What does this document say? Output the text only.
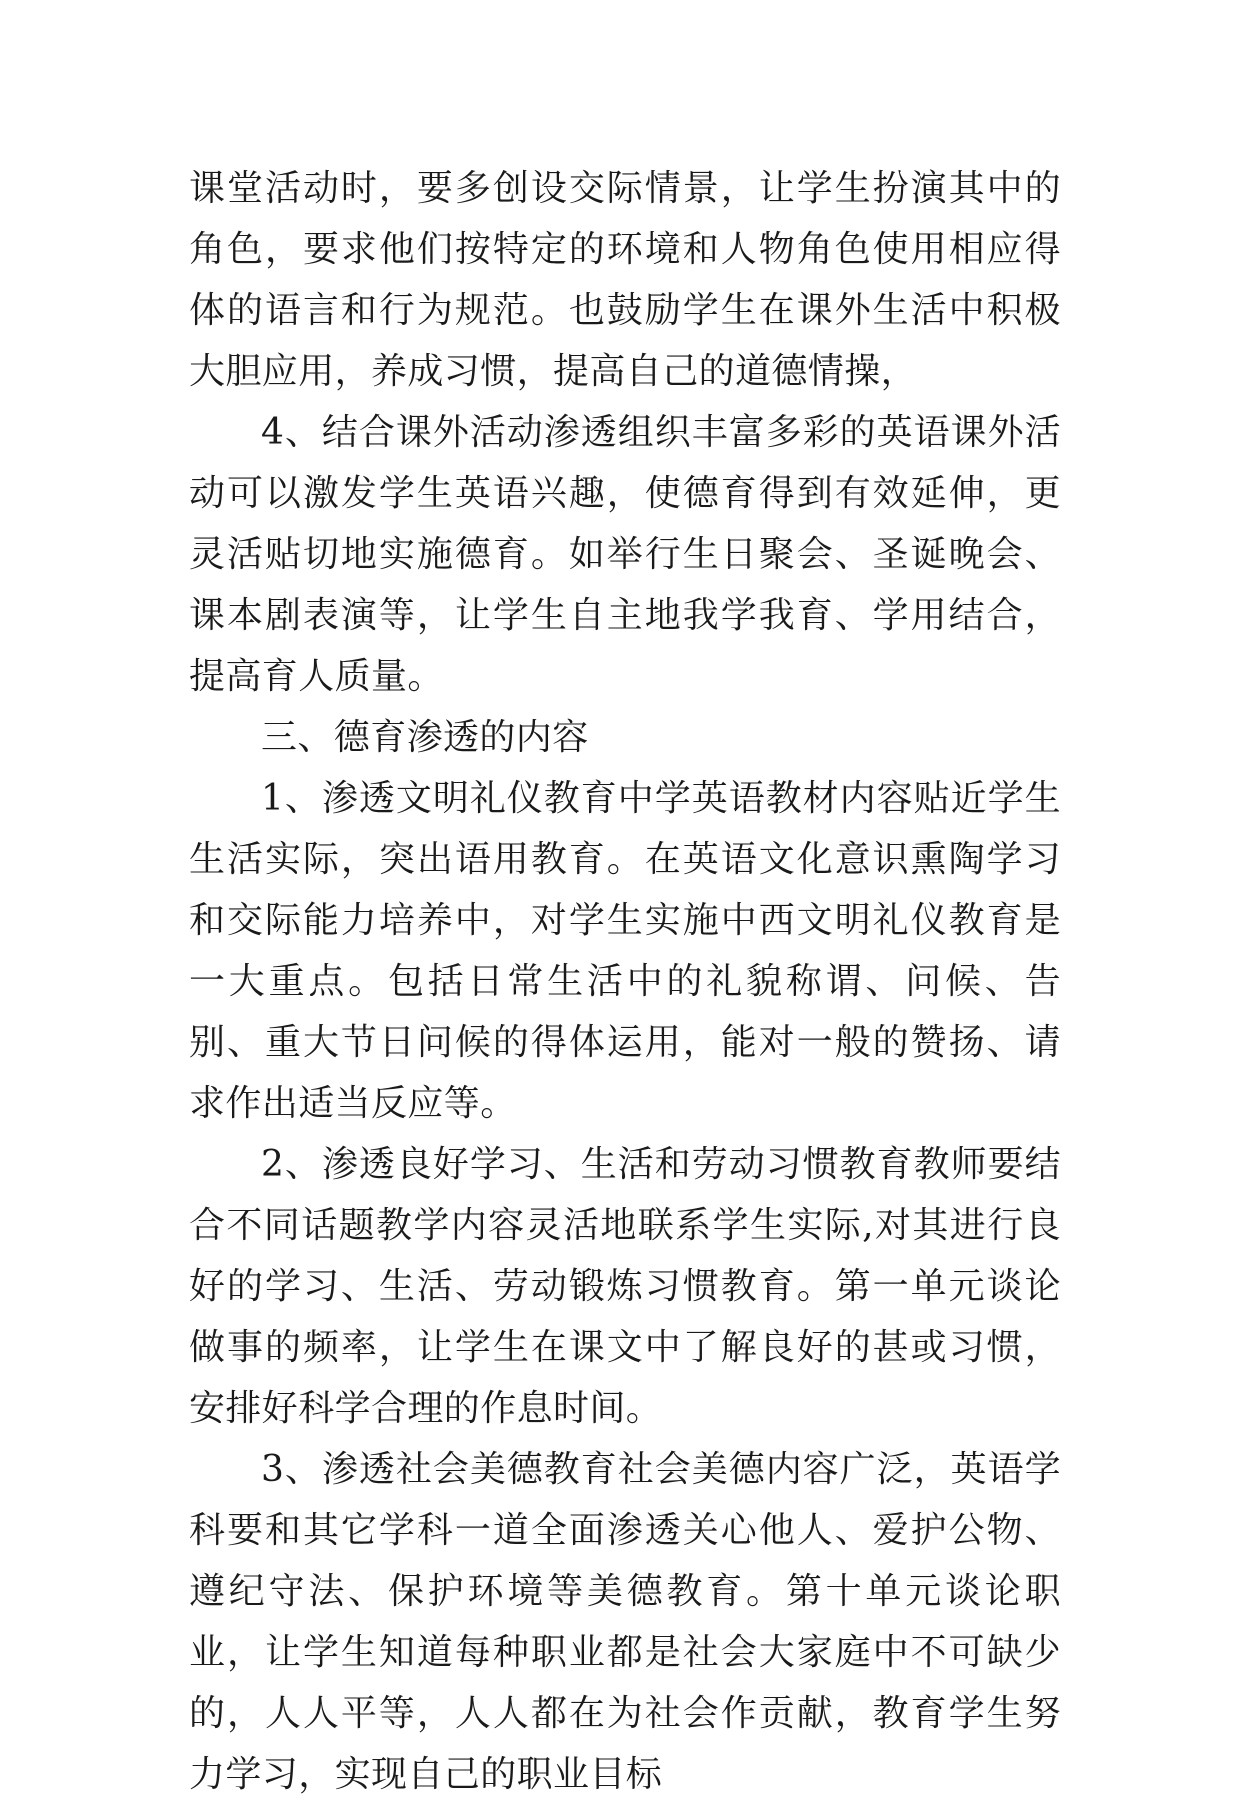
课堂活动时，要多创设交际情景，让学生扮演其中的角色，要求他们按特定的环境和人物角色使用相应得体的语言和行为规范。也鼓励学生在课外生活中积极大胆应用，养成习惯，提高自己的道德情操，

4、结合课外活动渗透组织丰富多彩的英语课外活动可以激发学生英语兴趣，使德育得到有效延伸，更灵活贴切地实施德育。如举行生日聚会、圣诞晚会、课本剧表演等，让学生自主地我学我育、学用结合，提高育人质量。

三、德育渗透的内容

1、渗透文明礼仪教育中学英语教材内容贴近学生生活实际，突出语用教育。在英语文化意识熏陶学习和交际能力培养中，对学生实施中西文明礼仪教育是一大重点。包括日常生活中的礼貌称谓、问候、告别、重大节日问候的得体运用，能对一般的赞扬、请求作出适当反应等。

2、渗透良好学习、生活和劳动习惯教育教师要结合不同话题教学内容灵活地联系学生实际,对其进行良好的学习、生活、劳动锻炼习惯教育。第一单元谈论做事的频率，让学生在课文中了解良好的甚或习惯，安排好科学合理的作息时间。

3、渗透社会美德教育社会美德内容广泛，英语学科要和其它学科一道全面渗透关心他人、爱护公物、遵纪守法、保护环境等美德教育。第十单元谈论职业，让学生知道每种职业都是社会大家庭中不可缺少的，人人平等，人人都在为社会作贡献，教育学生努力学习，实现自己的职业目标
